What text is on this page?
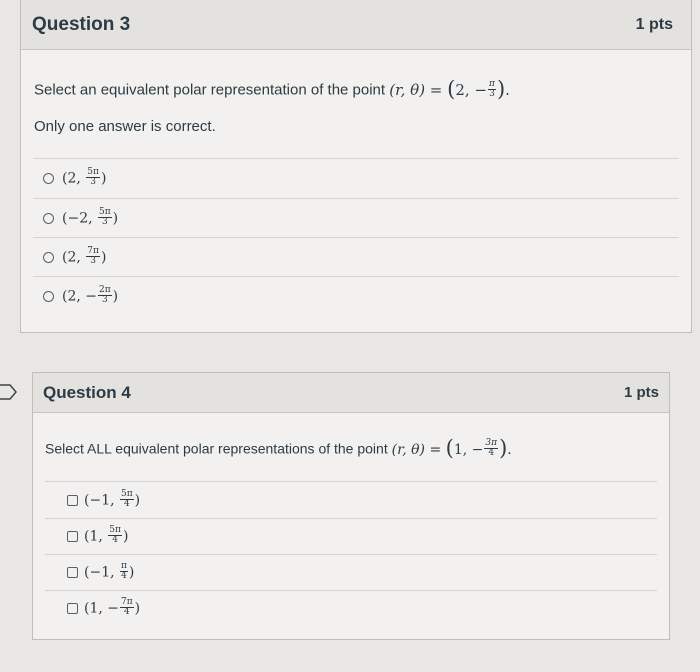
Question 3	1 pts
Select an equivalent polar representation of the point (r, θ) = (2, − $\frac{\pi}{3}$ ).
Only one answer is correct.
(2, $\frac{5\pi}{3}$ )
(−2, $\frac{5\pi}{3}$ )
(2, $\frac{7\pi}{3}$ )
(2, − $\frac{2\pi}{3}$ )
Question 4	1 pts
Select ALL equivalent polar representations of the point (r, θ) = (1, − $\frac{3\pi}{4}$ ).
(−1, $\frac{5\pi}{4}$ )
(1, $\frac{5\pi}{4}$ )
(−1, $\frac{\pi}{4}$ )
(1, − $\frac{7\pi}{4}$ )
